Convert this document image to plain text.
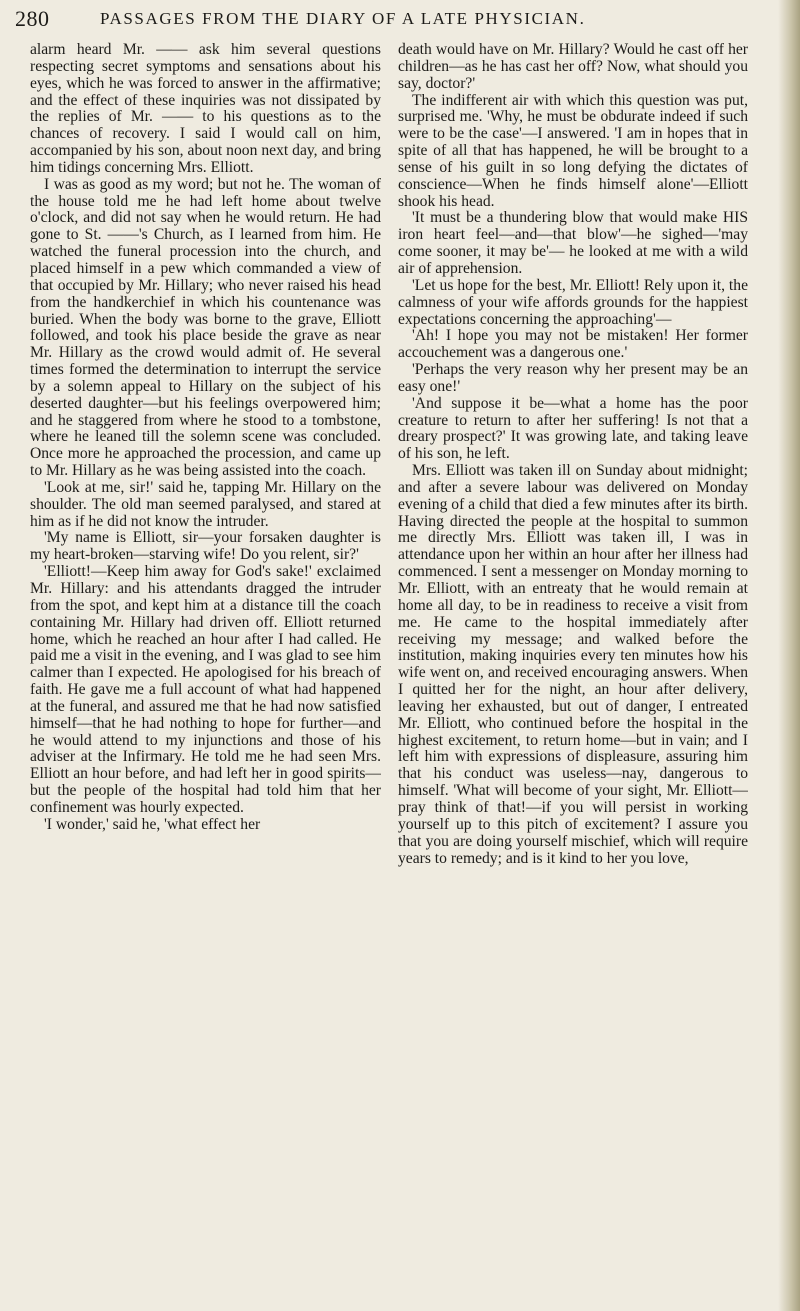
280	PASSAGES FROM THE DIARY OF A LATE PHYSICIAN.

alarm heard Mr. —— ask him several questions respecting secret symptoms and sensations about his eyes, which he was forced to answer in the affirmative; and the effect of these inquiries was not dissipated by the replies of Mr. —— to his questions as to the chances of recovery. I said I would call on him, accompanied by his son, about noon next day, and bring him tidings concerning Mrs. Elliott.

I was as good as my word; but not he. The woman of the house told me he had left home about twelve o'clock, and did not say when he would return. He had gone to St. ——'s Church, as I learned from him. He watched the funeral procession into the church, and placed himself in a pew which commanded a view of that occupied by Mr. Hillary; who never raised his head from the handkerchief in which his countenance was buried. When the body was borne to the grave, Elliott followed, and took his place beside the grave as near Mr. Hillary as the crowd would admit of. He several times formed the determination to interrupt the service by a solemn appeal to Hillary on the subject of his deserted daughter—but his feelings overpowered him; and he staggered from where he stood to a tombstone, where he leaned till the solemn scene was concluded. Once more he approached the procession, and came up to Mr. Hillary as he was being assisted into the coach.

'Look at me, sir!' said he, tapping Mr. Hillary on the shoulder. The old man seemed paralysed, and stared at him as if he did not know the intruder.

'My name is Elliott, sir—your forsaken daughter is my heart-broken—starving wife! Do you relent, sir?'

'Elliott!—Keep him away for God's sake!' exclaimed Mr. Hillary: and his attendants dragged the intruder from the spot, and kept him at a distance till the coach containing Mr. Hillary had driven off. Elliott returned home, which he reached an hour after I had called. He paid me a visit in the evening, and I was glad to see him calmer than I expected. He apologised for his breach of faith. He gave me a full account of what had happened at the funeral, and assured me that he had now satisfied himself—that he had nothing to hope for further—and he would attend to my injunctions and those of his adviser at the Infirmary. He told me he had seen Mrs. Elliott an hour before, and had left her in good spirits—but the people of the hospital had told him that her confinement was hourly expected.

'I wonder,' said he, 'what effect her

death would have on Mr. Hillary? Would he cast off her children—as he has cast her off? Now, what should you say, doctor?'

The indifferent air with which this question was put, surprised me. 'Why, he must be obdurate indeed if such were to be the case'—I answered. 'I am in hopes that in spite of all that has happened, he will be brought to a sense of his guilt in so long defying the dictates of conscience—When he finds himself alone'—Elliott shook his head.

'It must be a thundering blow that would make HIS iron heart feel—and—that blow'—he sighed—'may come sooner, it may be'— he looked at me with a wild air of apprehension.

'Let us hope for the best, Mr. Elliott! Rely upon it, the calmness of your wife affords grounds for the happiest expectations concerning the approaching'—

'Ah! I hope you may not be mistaken! Her former accouchement was a dangerous one.'

'Perhaps the very reason why her present may be an easy one!'

'And suppose it be—what a home has the poor creature to return to after her suffering! Is not that a dreary prospect?' It was growing late, and taking leave of his son, he left.

Mrs. Elliott was taken ill on Sunday about midnight; and after a severe labour was delivered on Monday evening of a child that died a few minutes after its birth. Having directed the people at the hospital to summon me directly Mrs. Elliott was taken ill, I was in attendance upon her within an hour after her illness had commenced. I sent a messenger on Monday morning to Mr. Elliott, with an entreaty that he would remain at home all day, to be in readiness to receive a visit from me. He came to the hospital immediately after receiving my message; and walked before the institution, making inquiries every ten minutes how his wife went on, and received encouraging answers. When I quitted her for the night, an hour after delivery, leaving her exhausted, but out of danger, I entreated Mr. Elliott, who continued before the hospital in the highest excitement, to return home—but in vain; and I left him with expressions of displeasure, assuring him that his conduct was useless—nay, dangerous to himself. 'What will become of your sight, Mr. Elliott—pray think of that!—if you will persist in working yourself up to this pitch of excitement? I assure you that you are doing yourself mischief, which will require years to remedy; and is it kind to her you love,
